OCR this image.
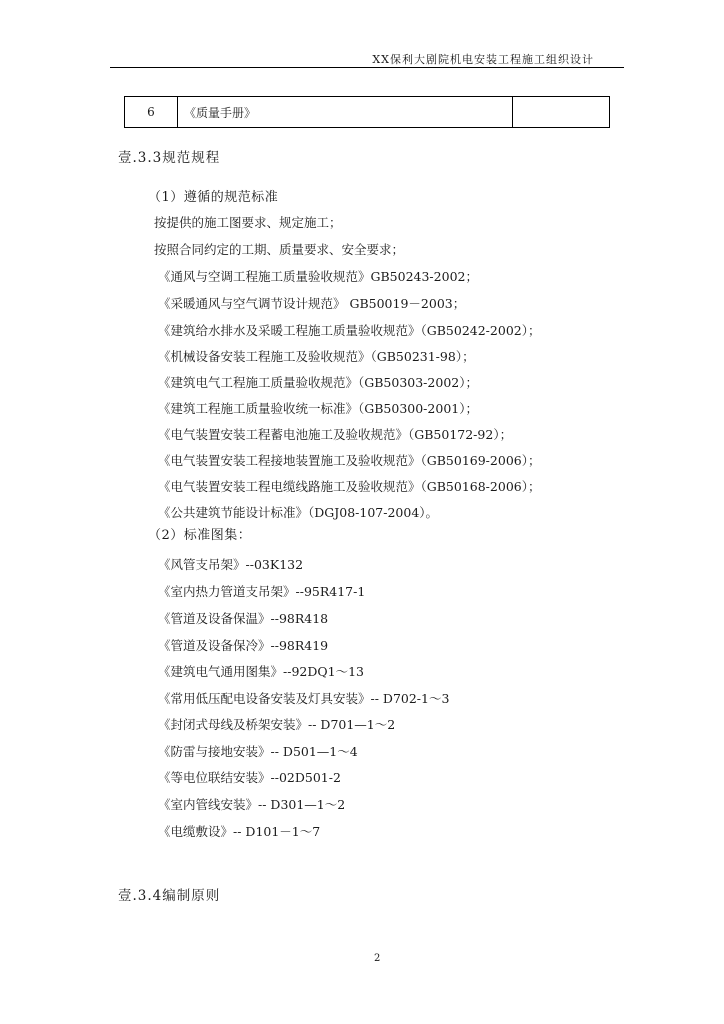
XX保利大剧院机电安装工程施工组织设计
6	《质量手册》	
壹.3.3规范规程
（1）遵循的规范标准
按提供的施工图要求、规定施工；
按照合同约定的工期、质量要求、安全要求；
《通风与空调工程施工质量验收规范》GB50243-2002；
《采暖通风与空气调节设计规范》 GB50019－2003；
《建筑给水排水及采暖工程施工质量验收规范》（GB50242-2002）；
《机械设备安装工程施工及验收规范》（GB50231-98）；
《建筑电气工程施工质量验收规范》（GB50303-2002）；
《建筑工程施工质量验收统一标准》（GB50300-2001）；
《电气装置安装工程蓄电池施工及验收规范》（GB50172-92）；
《电气装置安装工程接地装置施工及验收规范》（GB50169-2006）；
《电气装置安装工程电缆线路施工及验收规范》（GB50168-2006）；
《公共建筑节能设计标准》（DGJ08-107-2004）。
（2）标准图集：
《风管支吊架》--03K132
《室内热力管道支吊架》--95R417-1
《管道及设备保温》--98R418
《管道及设备保冷》--98R419
《建筑电气通用图集》--92DQ1～13
《常用低压配电设备安装及灯具安装》-- D702-1～3
《封闭式母线及桥架安装》-- D701—1～2
《防雷与接地安装》-- D501—1～4
《等电位联结安装》--02D501-2
《室内管线安装》-- D301—1～2
《电缆敷设》-- D101－1～7
壹.3.4编制原则
2
